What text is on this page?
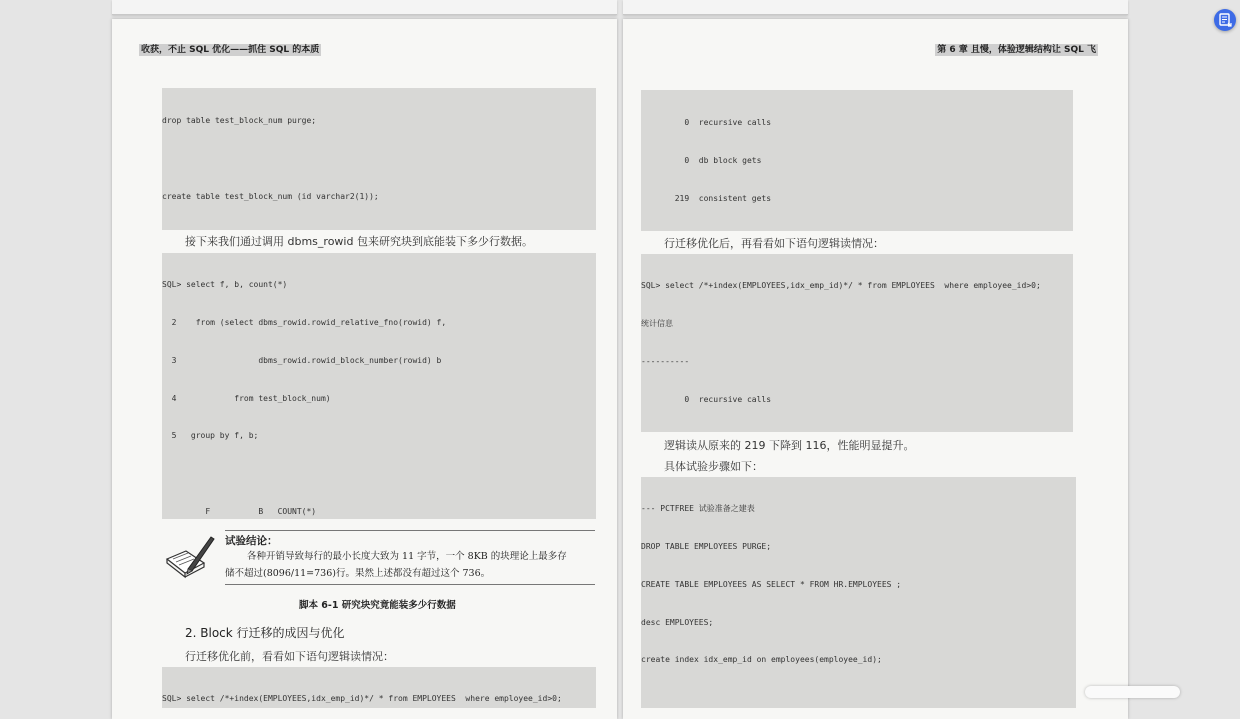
收获，不止 SQL 优化——抓住 SQL 的本质

drop table test_block_num purge;

create table test_block_num (id varchar2(1));

接下来我们通过调用 dbms_rowid 包来研究块到底能装下多少行数据。

SQL> select f, b, count(*)

2    from (select dbms_rowid.rowid_relative_fno(rowid) f,

3                 dbms_rowid.rowid_block_number(rowid) b

4            from test_block_num)

5   group by f, b;

F          B   COUNT(*)

试验结论：
各种开销导致每行的最小长度大致为 11 字节，一个 8KB 的块理论上最多存
储不超过(8096/11=736)行。果然上述都没有超过这个 736。
脚本 6-1 研究块究竟能装多少行数据
2. Block 行迁移的成因与优化
行迁移优化前，看看如下语句逻辑读情况：

SQL> select /*+index(EMPLOYEES,idx_emp_id)*/ * from EMPLOYEES  where employee_id>0;

第 6 章 且慢，体验逻辑结构让 SQL 飞

0  recursive calls

0  db block gets

219  consistent gets

行迁移优化后，再看看如下语句逻辑读情况：

SQL> select /*+index(EMPLOYEES,idx_emp_id)*/ * from EMPLOYEES  where employee_id>0;

统计信息

----------

0  recursive calls

逻辑读从原来的 219 下降到 116，性能明显提升。
具体试验步骤如下：

--- PCTFREE 试验准备之建表

DROP TABLE EMPLOYEES PURGE;

CREATE TABLE EMPLOYEES AS SELECT * FROM HR.EMPLOYEES ;

desc EMPLOYEES;

create index idx_emp_id on employees(employee_id);
